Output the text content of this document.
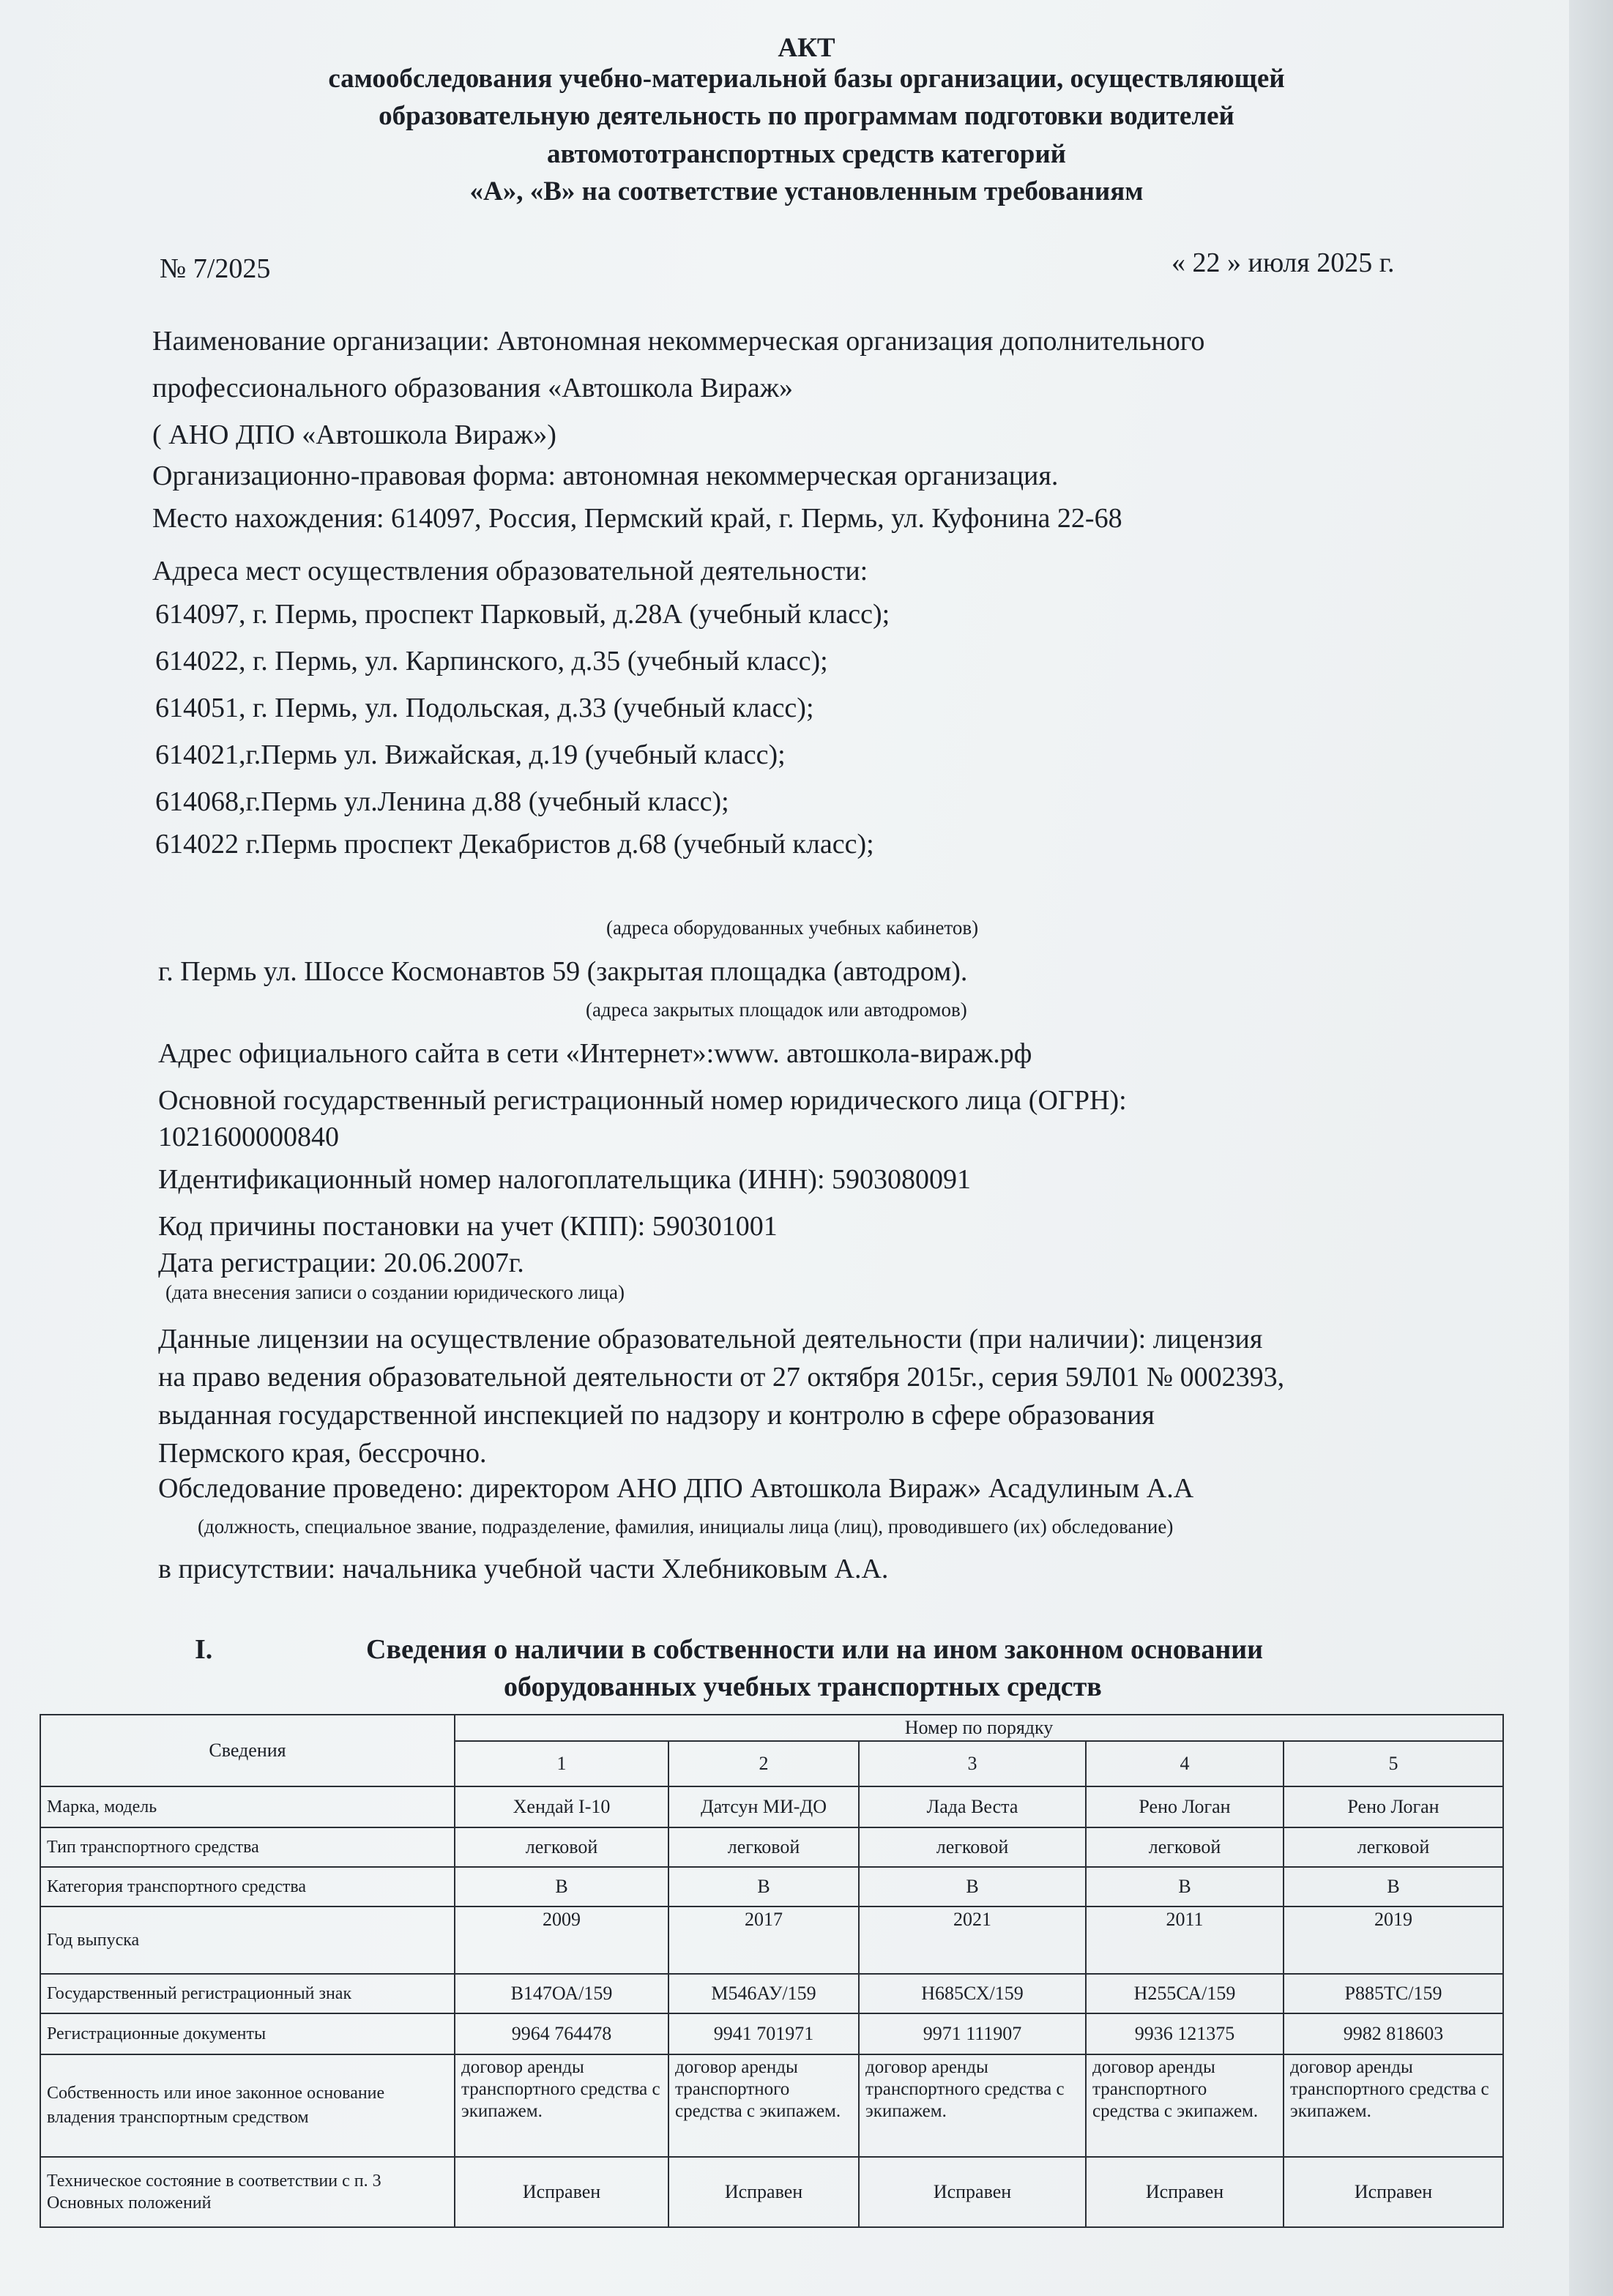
АКТ
самообследования учебно-материальной базы организации, осуществляющей
образовательную деятельность по программам подготовки водителей
автомототранспортных средств категорий
«А», «В» на соответствие установленным требованиям
№ 7/2025	« 22 » июля 2025 г.
Наименование организации: Автономная некоммерческая организация дополнительного
профессионального образования «Автошкола Вираж»
( АНО ДПО «Автошкола Вираж»)
Организационно-правовая форма: автономная некоммерческая организация.
Место нахождения: 614097, Россия, Пермский край, г. Пермь, ул. Куфонина 22-68
Адреса мест осуществления образовательной деятельности:
614097, г. Пермь, проспект Парковый, д.28А (учебный класс);
614022, г. Пермь, ул. Карпинского, д.35 (учебный класс);
614051, г. Пермь, ул. Подольская, д.33 (учебный класс);
614021,г.Пермь ул. Вижайская, д.19 (учебный класс);
614068,г.Пермь ул.Ленина д.88 (учебный класс);
614022 г.Пермь проспект Декабристов д.68 (учебный класс);
(адреса оборудованных учебных кабинетов)
г. Пермь ул. Шоссе Космонавтов 59 (закрытая площадка (автодром).
(адреса закрытых площадок или автодромов)
Адрес официального сайта в сети «Интернет»:www. автошкола-вираж.рф
Основной государственный регистрационный номер юридического лица (ОГРН):
1021600000840
Идентификационный номер налогоплательщика (ИНН): 5903080091
Код причины постановки на учет (КПП): 590301001
Дата регистрации: 20.06.2007г.
(дата внесения записи о создании юридического лица)
Данные лицензии на осуществление образовательной деятельности (при наличии): лицензия
на право ведения образовательной деятельности от 27 октября 2015г., серия 59Л01 № 0002393,
выданная государственной инспекцией по надзору и контролю в сфере образования
Пермского края, бессрочно.
Обследование проведено: директором АНО ДПО Автошкола Вираж» Асадулиным А.А
(должность, специальное звание, подразделение, фамилия, инициалы лица (лиц), проводившего (их) обследование)
в присутствии: начальника учебной части Хлебниковым А.А.
I.	Сведения о наличии в собственности или на ином законном основании
оборудованных учебных транспортных средств
Сведения	Номер по порядку				
	1	2	3	4	5
Марка, модель	Хендай I-10	Датсун МИ-ДО	Лада Веста	Рено Логан	Рено Логан
Тип транспортного средства	легковой	легковой	легковой	легковой	легковой
Категория транспортного средства	B	B	B	B	B
Год выпуска	2009	2017	2021	2011	2019
Государственный регистрационный знак	В147ОА/159	М546АУ/159	Н685СХ/159	Н255СА/159	Р885ТС/159
Регистрационные документы	9964 764478	9941 701971	9971 111907	9936 121375	9982 818603
Собственность или иное законное основание владения транспортным средством	договор аренды транспортного средства с экипажем.	договор аренды транспортного средства с экипажем.	договор аренды транспортного средства с экипажем.	договор аренды транспортного средства с экипажем.	договор аренды транспортного средства с экипажем.
Техническое состояние в соответствии с п. 3 Основных положений	Исправен	Исправен	Исправен	Исправен	Исправен
